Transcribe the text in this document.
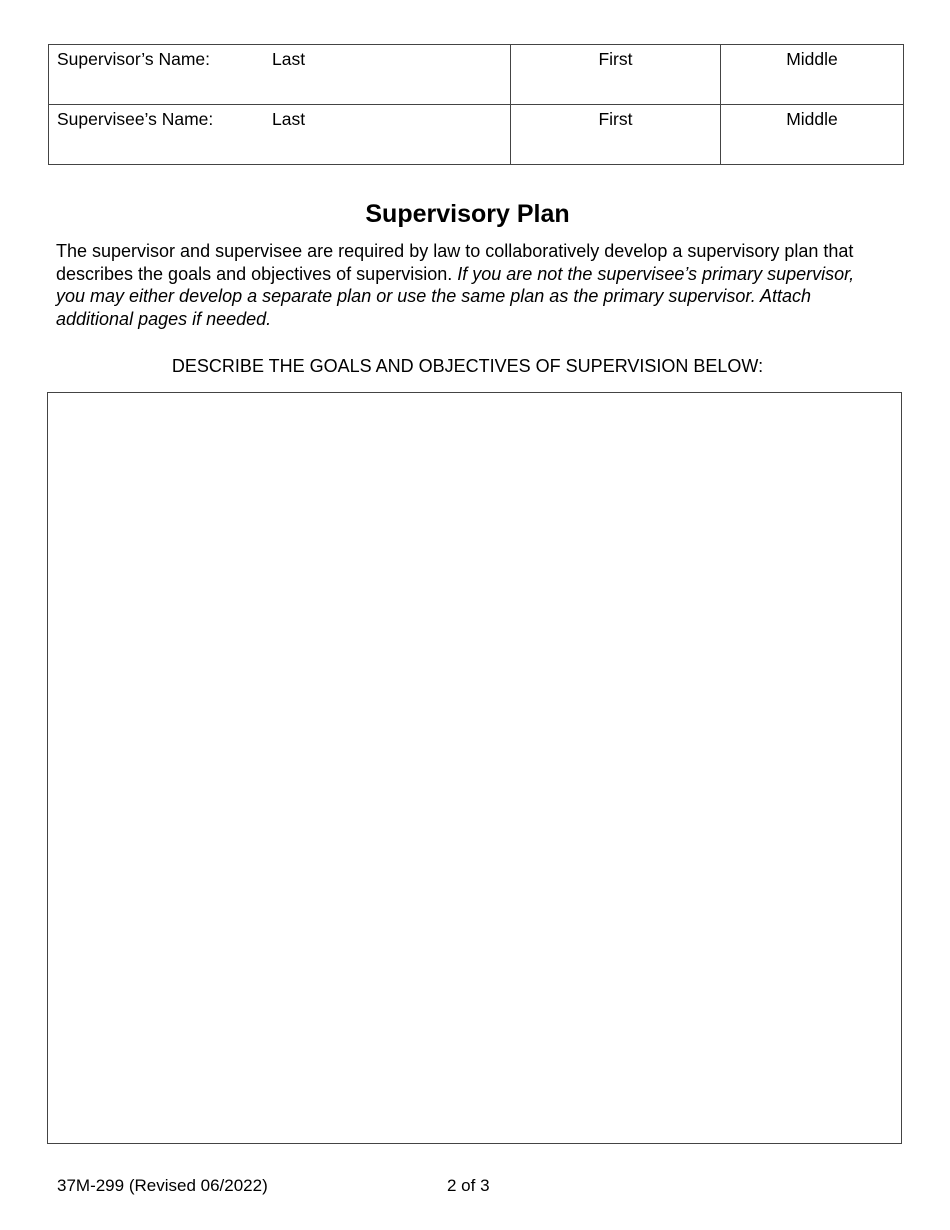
Supervisor’s Name: Last	First	Middle
Supervisee’s Name: Last	First	Middle
Supervisory Plan
The supervisor and supervisee are required by law to collaboratively develop a supervisory plan that describes the goals and objectives of supervision. If you are not the supervisee’s primary supervisor, you may either develop a separate plan or use the same plan as the primary supervisor. Attach additional pages if needed.
DESCRIBE THE GOALS AND OBJECTIVES OF SUPERVISION BELOW:
37M-299 (Revised 06/2022)	2 of 3
